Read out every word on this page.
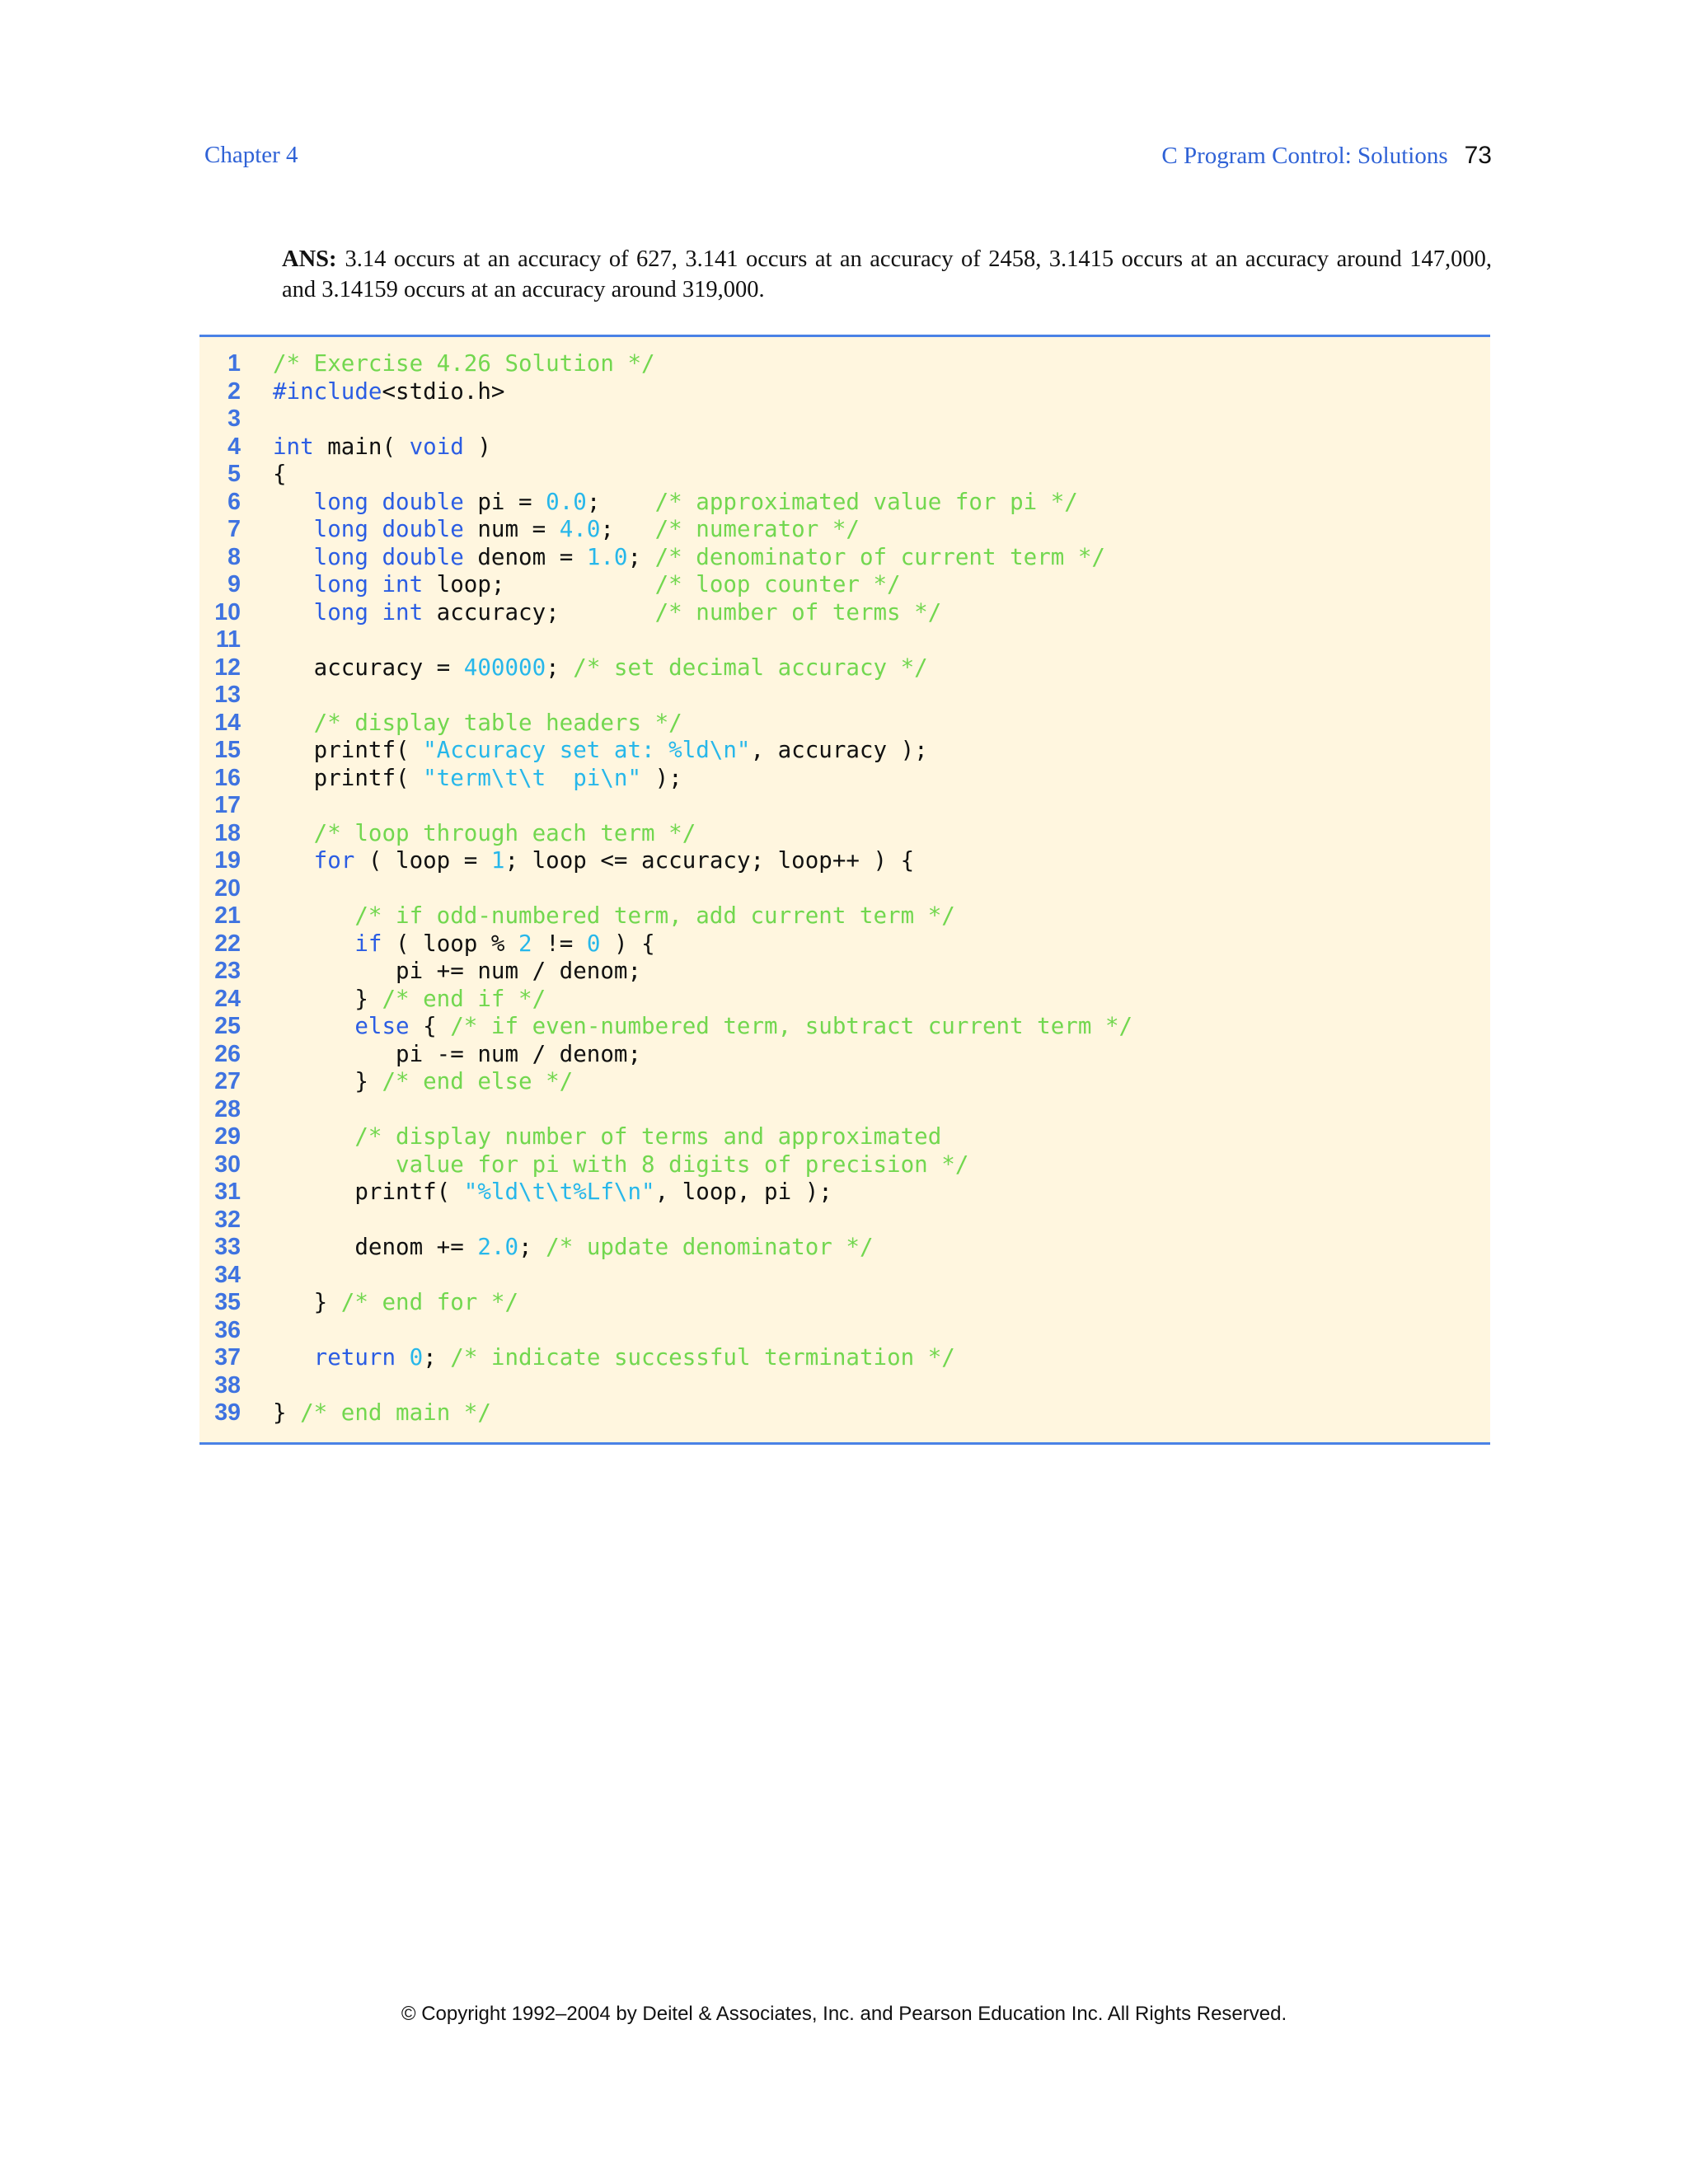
Chapter 4	C Program Control: Solutions 73
ANS: 3.14 occurs at an accuracy of 627, 3.141 occurs at an accuracy of 2458, 3.1415 occurs at an accuracy around 147,000, and 3.14159 occurs at an accuracy around 319,000.
1 /* Exercise 4.26 Solution */
2 #include<stdio.h>
3
4 int main( void )
5 {
6	long double pi = 0.0;    /* approximated value for pi */
7	long double num = 4.0;   /* numerator */
8	long double denom = 1.0; /* denominator of current term */
9	long int loop;           /* loop counter */
10	long int accuracy;       /* number of terms */
11
12 accuracy = 400000; /* set decimal accuracy */
13
14	/* display table headers */
15 printf( "Accuracy set at: %ld\n", accuracy );
16 printf( "term\t\t  pi\n" );
17
18	/* loop through each term */
19	for ( loop = 1; loop <= accuracy; loop++ ) {
20
21	/* if odd-numbered term, add current term */
22	if ( loop % 2 != 0 ) {
23 pi += num / denom;
24 } /* end if */
25	else { /* if even-numbered term, subtract current term */
26 pi -= num / denom;
27 } /* end else */
28
29	/* display number of terms and approximated
30	value for pi with 8 digits of precision */
31 printf( "%ld\t\t%Lf\n", loop, pi );
32
33 denom += 2.0; /* update denominator */
34
35 } /* end for */
36
37	return 0; /* indicate successful termination */
38
39 } /* end main */
© Copyright 1992–2004 by Deitel & Associates, Inc. and Pearson Education Inc. All Rights Reserved.
